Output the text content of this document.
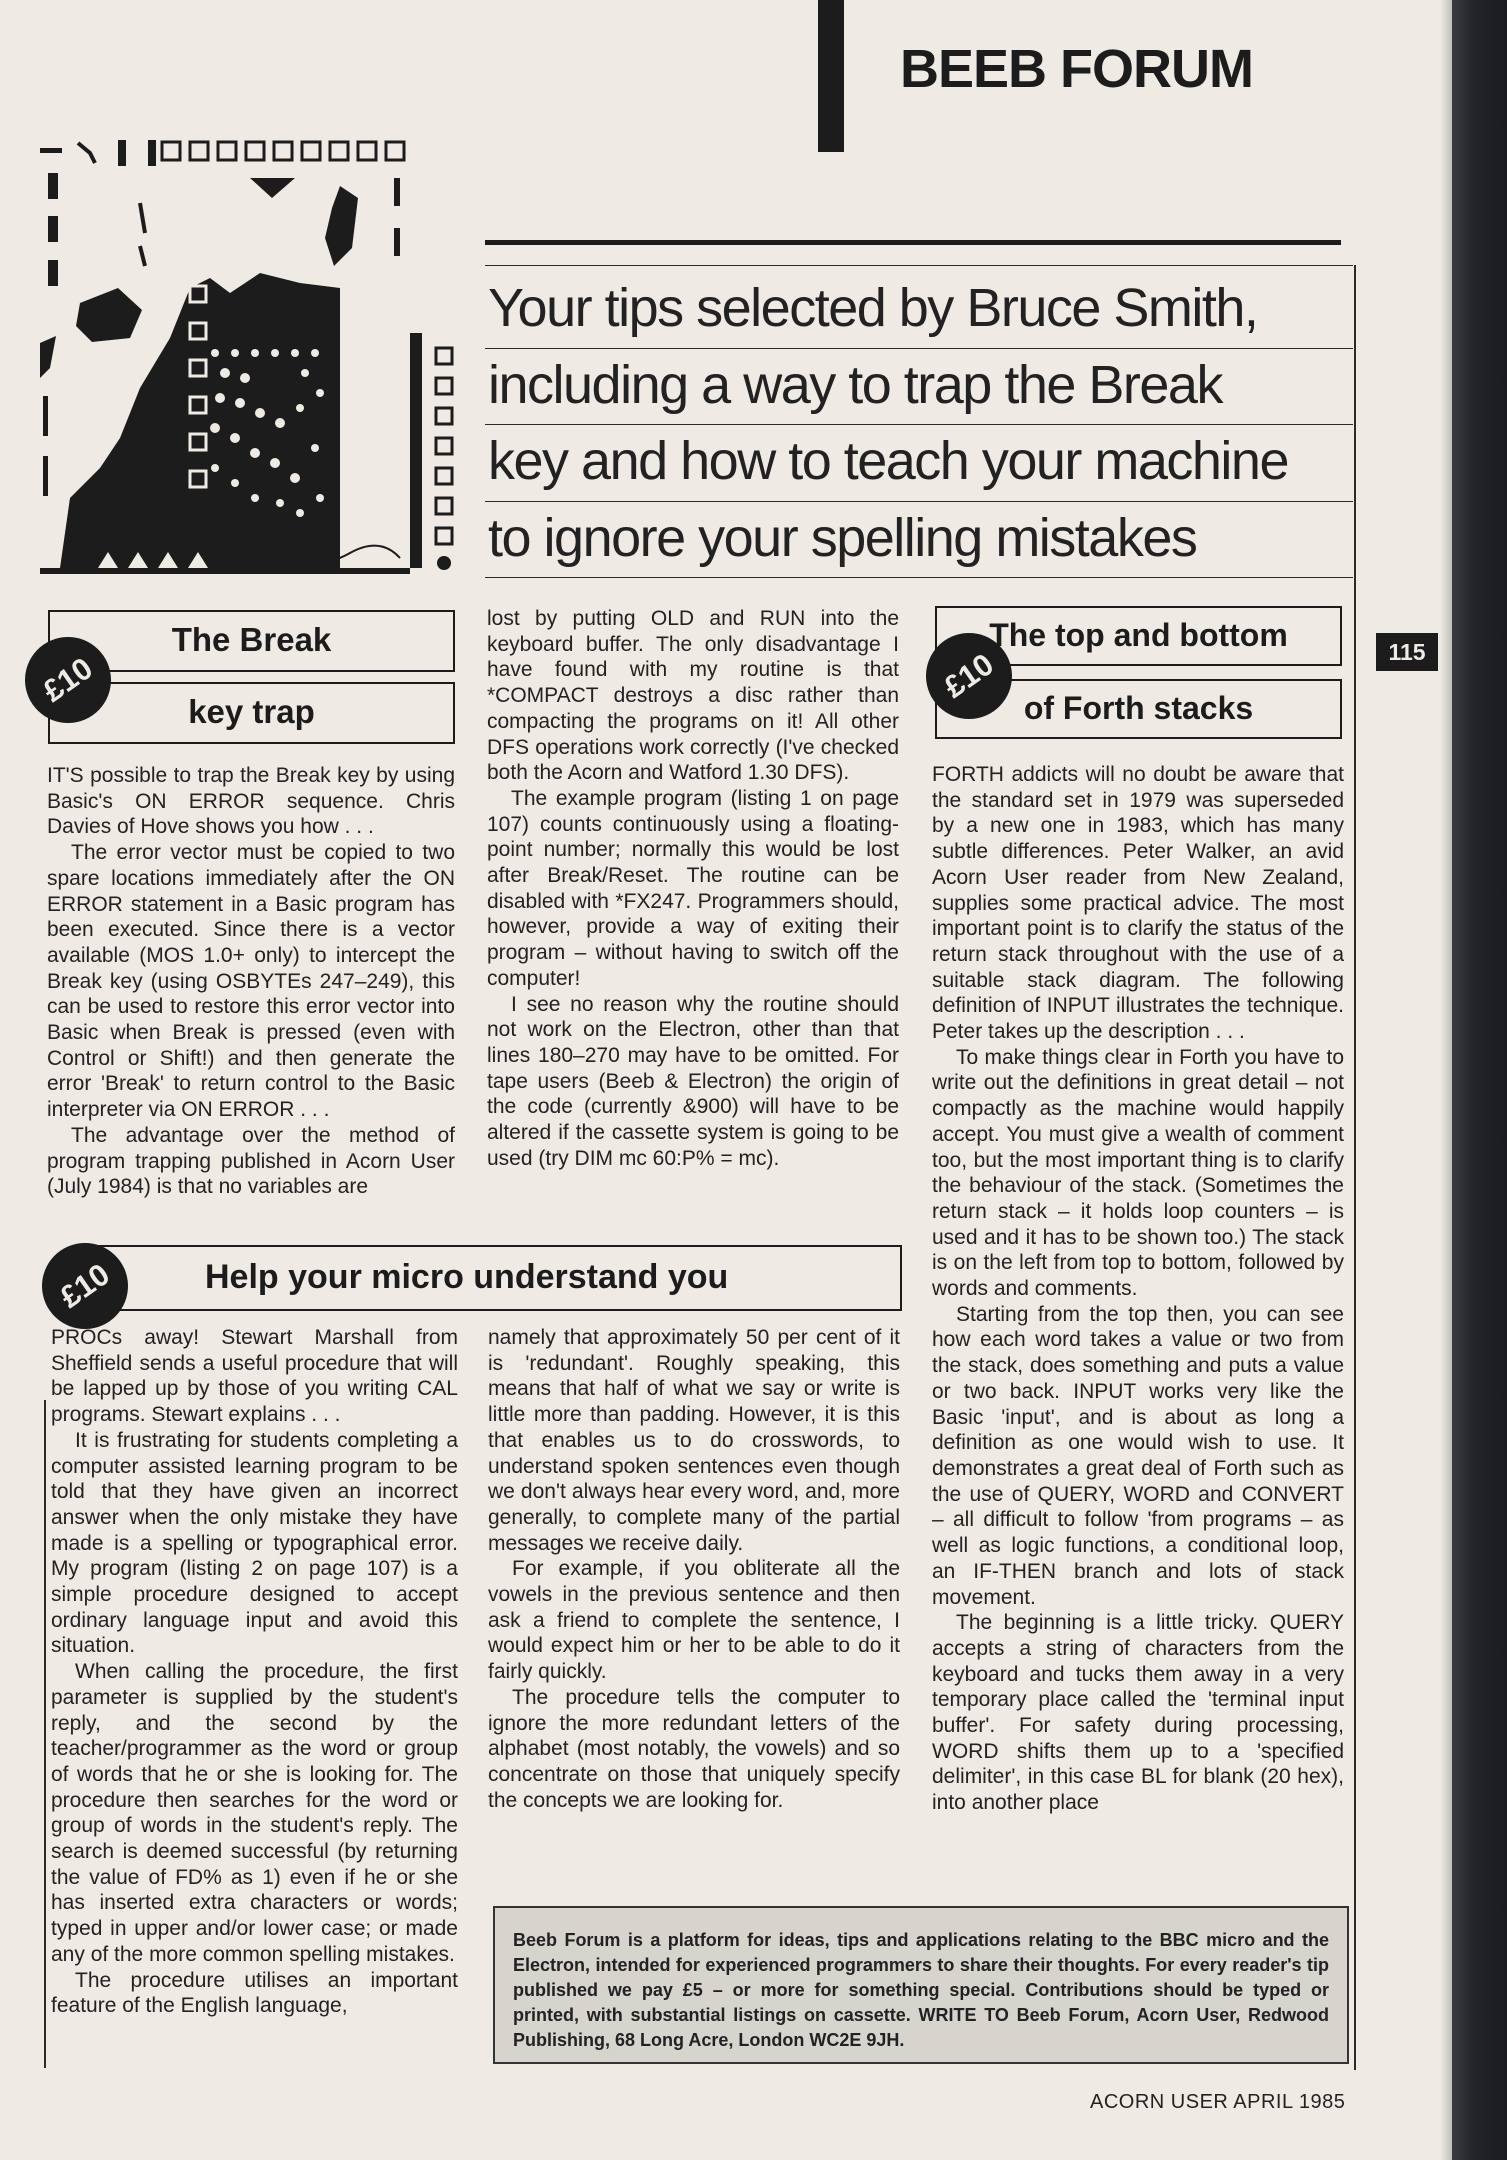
BEEB FORUM
Your tips selected by Bruce Smith,
including a way to trap the Break
key and how to teach your machine
to ignore your spelling mistakes
115
The Break
key trap
£10

IT'S possible to trap the Break key by using Basic's ON ERROR sequence. Chris Davies of Hove shows you how . . .

The error vector must be copied to two spare locations immediately after the ON ERROR statement in a Basic program has been executed. Since there is a vector available (MOS 1.0+ only) to intercept the Break key (using OSBYTEs 247–249), this can be used to restore this error vector into Basic when Break is pressed (even with Control or Shift!) and then generate the error 'Break' to return control to the Basic interpreter via ON ERROR . . .

The advantage over the method of program trapping published in Acorn User (July 1984) is that no variables are

lost by putting OLD and RUN into the keyboard buffer. The only disadvantage I have found with my routine is that *COMPACT destroys a disc rather than compacting the programs on it! All other DFS operations work correctly (I've checked both the Acorn and Watford 1.30 DFS).

The example program (listing 1 on page 107) counts continuously using a floating-point number; normally this would be lost after Break/Reset. The routine can be disabled with *FX247. Programmers should, however, provide a way of exiting their program – without having to switch off the computer!

I see no reason why the routine should not work on the Electron, other than that lines 180–270 may have to be omitted. For tape users (Beeb & Electron) the origin of the code (currently &900) will have to be altered if the cassette system is going to be used (try DIM mc 60:P% = mc).

The top and bottom
of Forth stacks
£10

FORTH addicts will no doubt be aware that the standard set in 1979 was superseded by a new one in 1983, which has many subtle differences. Peter Walker, an avid Acorn User reader from New Zealand, supplies some practical advice. The most important point is to clarify the status of the return stack throughout with the use of a suitable stack diagram. The following definition of INPUT illustrates the technique. Peter takes up the description . . .

To make things clear in Forth you have to write out the definitions in great detail – not compactly as the machine would happily accept. You must give a wealth of comment too, but the most important thing is to clarify the behaviour of the stack. (Sometimes the return stack – it holds loop counters – is used and it has to be shown too.) The stack is on the left from top to bottom, followed by words and comments.

Starting from the top then, you can see how each word takes a value or two from the stack, does something and puts a value or two back. INPUT works very like the Basic 'input', and is about as long a definition as one would wish to use. It demonstrates a great deal of Forth such as the use of QUERY, WORD and CONVERT – all difficult to follow 'from programs – as well as logic functions, a conditional loop, an IF-THEN branch and lots of stack movement.

The beginning is a little tricky. QUERY accepts a string of characters from the keyboard and tucks them away in a very temporary place called the 'terminal input buffer'. For safety during processing, WORD shifts them up to a 'specified delimiter', in this case BL for blank (20 hex), into another place

Help your micro understand you
£10

PROCs away! Stewart Marshall from Sheffield sends a useful procedure that will be lapped up by those of you writing CAL programs. Stewart explains . . .

It is frustrating for students completing a computer assisted learning program to be told that they have given an incorrect answer when the only mistake they have made is a spelling or typographical error. My program (listing 2 on page 107) is a simple procedure designed to accept ordinary language input and avoid this situation.

When calling the procedure, the first parameter is supplied by the student's reply, and the second by the teacher/programmer as the word or group of words that he or she is looking for. The procedure then searches for the word or group of words in the student's reply. The search is deemed successful (by returning the value of FD% as 1) even if he or she has inserted extra characters or words; typed in upper and/or lower case; or made any of the more common spelling mistakes.

The procedure utilises an important feature of the English language,

namely that approximately 50 per cent of it is 'redundant'. Roughly speaking, this means that half of what we say or write is little more than padding. However, it is this that enables us to do crosswords, to understand spoken sentences even though we don't always hear every word, and, more generally, to complete many of the partial messages we receive daily.

For example, if you obliterate all the vowels in the previous sentence and then ask a friend to complete the sentence, I would expect him or her to be able to do it fairly quickly.

The procedure tells the computer to ignore the more redundant letters of the alphabet (most notably, the vowels) and so concentrate on those that uniquely specify the concepts we are looking for.

Beeb Forum is a platform for ideas, tips and applications relating to the BBC micro and the Electron, intended for experienced programmers to share their thoughts. For every reader's tip published we pay £5 – or more for something special. Contributions should be typed or printed, with substantial listings on cassette. WRITE TO Beeb Forum, Acorn User, Redwood Publishing, 68 Long Acre, London WC2E 9JH.
ACORN USER APRIL 1985
